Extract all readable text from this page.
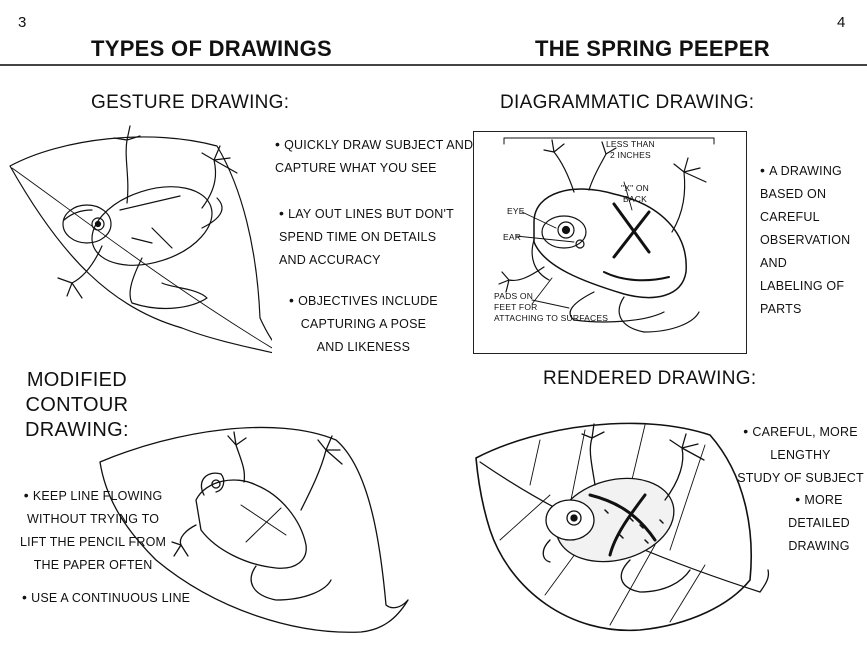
3
TYPES OF DRAWINGS
4
THE SPRING PEEPER
GESTURE DRAWING:
• QUICKLY DRAW SUBJECT AND
CAPTURE WHAT YOU SEE
• LAY OUT LINES BUT DON'T
SPEND TIME ON DETAILS
AND ACCURACY
• OBJECTIVES INCLUDE
CAPTURING A POSE
AND LIKENESS
DIAGRAMMATIC DRAWING:
LESS THAN
2 INCHES
"X" ON
BACK
EYE
EAR
PADS ON
FEET FOR
ATTACHING TO SURFACES
• A DRAWING
BASED ON CAREFUL
OBSERVATION AND
LABELING OF PARTS
MODIFIED
CONTOUR
DRAWING:
• KEEP LINE FLOWING
WITHOUT TRYING TO
LIFT THE PENCIL FROM
THE PAPER OFTEN
• USE A CONTINUOUS LINE
RENDERED DRAWING:
• CAREFUL, MORE LENGTHY
STUDY OF SUBJECT
• MORE DETAILED
DRAWING
